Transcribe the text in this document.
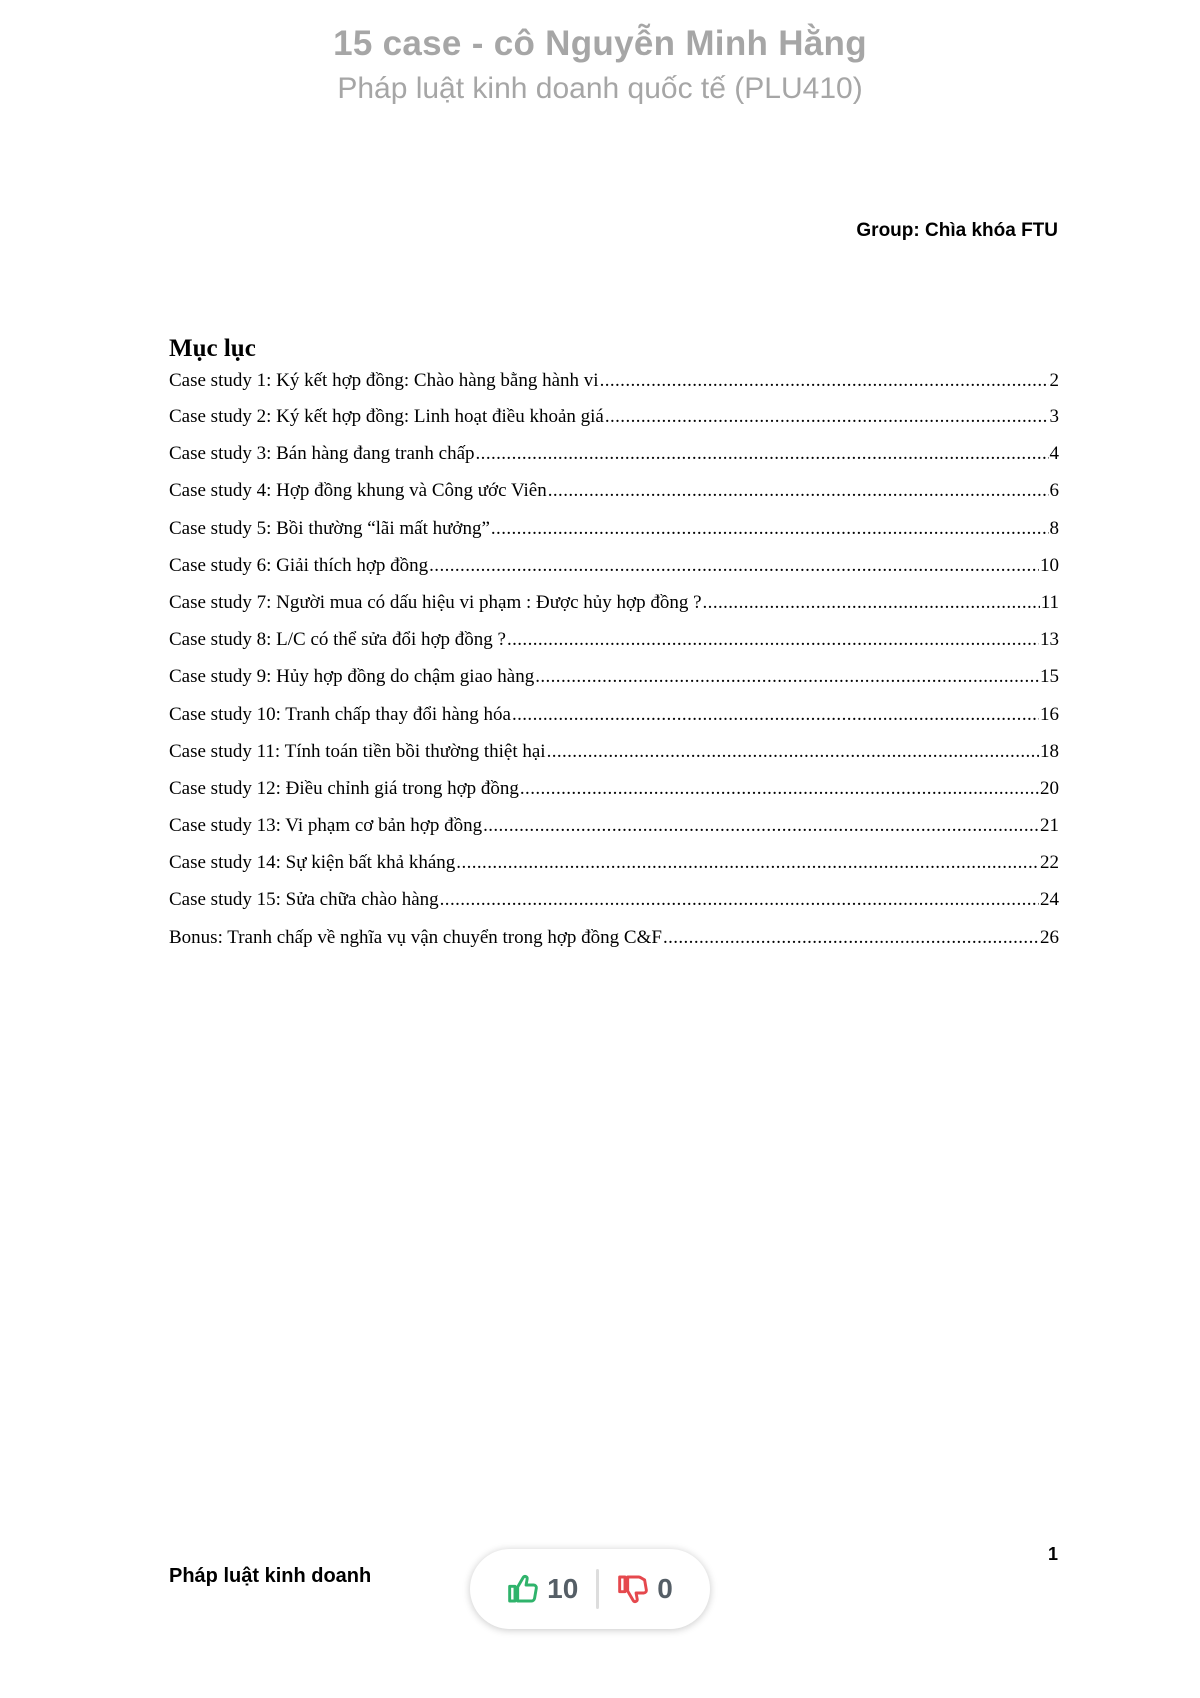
15 case - cô Nguyễn Minh Hằng
Pháp luật kinh doanh quốc tế (PLU410)
Group: Chìa khóa FTU
Mục lục
Case study 1: Ký kết hợp đồng: Chào hàng bằng hành vi .....	2
Case study 2: Ký kết hợp đồng: Linh hoạt điều khoản giá .....	3
Case study 3: Bán hàng đang tranh chấp .....	4
Case study 4: Hợp đồng khung và Công ước Viên .....	6
Case study 5: Bồi thường “lãi mất hưởng” .....	8
Case study 6: Giải thích hợp đồng .....	10
Case study 7: Người mua có dấu hiệu vi phạm : Được hủy hợp đồng ? .....	11
Case study 8: L/C có thể sửa đổi hợp đồng ? .....	13
Case study 9: Hủy hợp đồng do chậm giao hàng .....	15
Case study 10: Tranh chấp thay đổi hàng hóa .....	16
Case study 11: Tính toán tiền bồi thường thiệt hại .....	18
Case study 12: Điều chỉnh giá trong hợp đồng .....	20
Case study 13: Vi phạm cơ bản hợp đồng .....	21
Case study 14: Sự kiện bất khả kháng .....	22
Case study 15: Sửa chữa chào hàng .....	24
Bonus: Tranh chấp về nghĩa vụ vận chuyển trong hợp đồng C&F .....	26
1
Pháp luật kinh doanh	10	0
